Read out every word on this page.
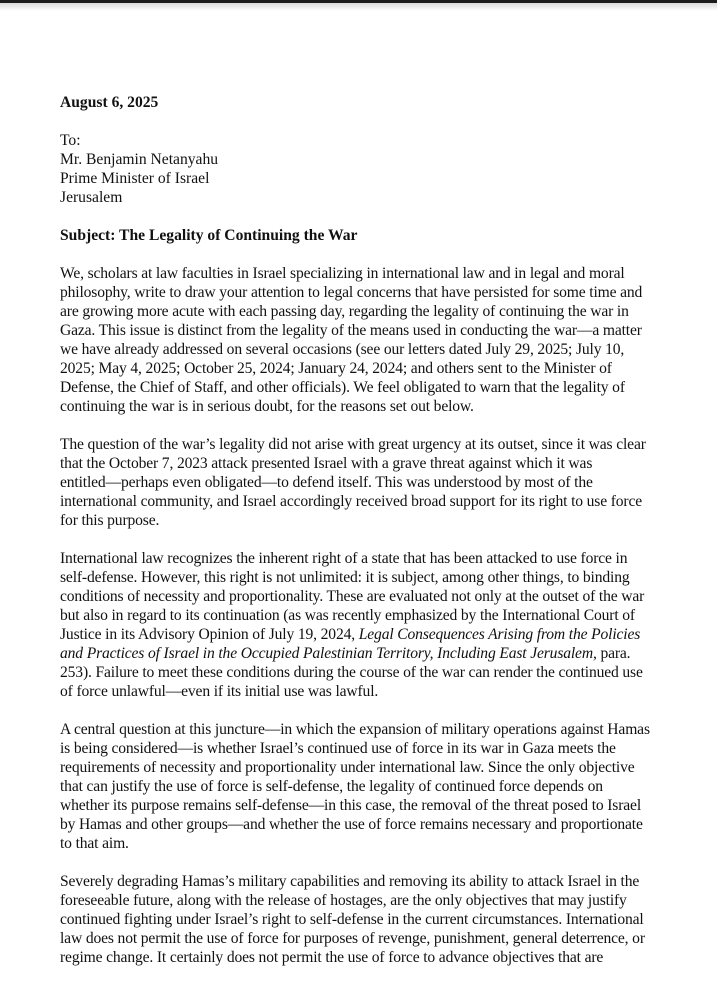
August 6, 2025
To:
Mr. Benjamin Netanyahu
Prime Minister of Israel
Jerusalem
Subject: The Legality of Continuing the War
We, scholars at law faculties in Israel specializing in international law and in legal and moral
philosophy, write to draw your attention to legal concerns that have persisted for some time and
are growing more acute with each passing day, regarding the legality of continuing the war in
Gaza. This issue is distinct from the legality of the means used in conducting the war—a matter
we have already addressed on several occasions (see our letters dated July 29, 2025; July 10,
2025; May 4, 2025; October 25, 2024; January 24, 2024; and others sent to the Minister of
Defense, the Chief of Staff, and other officials). We feel obligated to warn that the legality of
continuing the war is in serious doubt, for the reasons set out below.
The question of the war’s legality did not arise with great urgency at its outset, since it was clear
that the October 7, 2023 attack presented Israel with a grave threat against which it was
entitled—perhaps even obligated—to defend itself. This was understood by most of the
international community, and Israel accordingly received broad support for its right to use force
for this purpose.
International law recognizes the inherent right of a state that has been attacked to use force in
self-defense. However, this right is not unlimited: it is subject, among other things, to binding
conditions of necessity and proportionality. These are evaluated not only at the outset of the war
but also in regard to its continuation (as was recently emphasized by the International Court of
Justice in its Advisory Opinion of July 19, 2024, Legal Consequences Arising from the Policies
and Practices of Israel in the Occupied Palestinian Territory, Including East Jerusalem, para.
253). Failure to meet these conditions during the course of the war can render the continued use
of force unlawful—even if its initial use was lawful.
A central question at this juncture—in which the expansion of military operations against Hamas
is being considered—is whether Israel’s continued use of force in its war in Gaza meets the
requirements of necessity and proportionality under international law. Since the only objective
that can justify the use of force is self-defense, the legality of continued force depends on
whether its purpose remains self-defense—in this case, the removal of the threat posed to Israel
by Hamas and other groups—and whether the use of force remains necessary and proportionate
to that aim.
Severely degrading Hamas’s military capabilities and removing its ability to attack Israel in the
foreseeable future, along with the release of hostages, are the only objectives that may justify
continued fighting under Israel’s right to self-defense in the current circumstances. International
law does not permit the use of force for purposes of revenge, punishment, general deterrence, or
regime change. It certainly does not permit the use of force to advance objectives that are
